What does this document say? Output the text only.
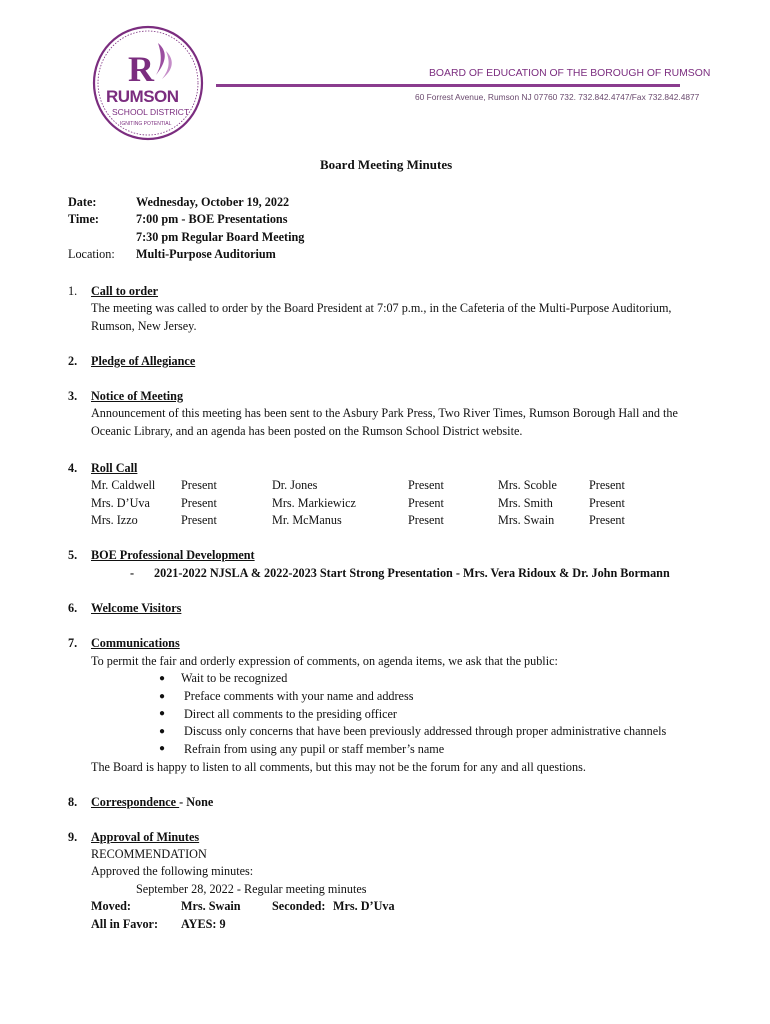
R
RUMSON
SCHOOL DISTRICT
IGNITING POTENTIAL
BOARD OF EDUCATION OF THE BOROUGH OF RUMSON
60 Forrest Avenue, Rumson NJ 07760 732. 732.842.4747/Fax 732.842.4877
Board Meeting Minutes
Date:	Wednesday, October 19, 2022
Time:	7:00 pm - BOE Presentations
7:30 pm Regular Board Meeting
Location: Multi-Purpose Auditorium
1. Call to order
The meeting was called to order by the Board President at 7:07 p.m., in the Cafeteria of the Multi-Purpose Auditorium,
Rumson, New Jersey.
2. Pledge of Allegiance
3. Notice of Meeting
Announcement of this meeting has been sent to the Asbury Park Press, Two River Times, Rumson Borough Hall and the
Oceanic Library, and an agenda has been posted on the Rumson School District website.
4. Roll Call
Mr. Caldwell Present	Dr. Jones	Present	Mrs. Scoble	Present
Mrs. D’Uva	Present	Mrs. Markiewicz	Present	Mrs. Smith	Present
Mrs. Izzo	Present	Mr. McManus	Present	Mrs. Swain	Present
5. BOE Professional Development
- 2021-2022 NJSLA & 2022-2023 Start Strong Presentation - Mrs. Vera Ridoux & Dr. John Bormann
6. Welcome Visitors
7. Communications
To permit the fair and orderly expression of comments, on agenda items, we ask that the public:
● Wait to be recognized
● Preface comments with your name and address
● Direct all comments to the presiding officer
● Discuss only concerns that have been previously addressed through proper administrative channels
● Refrain from using any pupil or staff member’s name
The Board is happy to listen to all comments, but this may not be the forum for any and all questions.
8. Correspondence - None
9. Approval of Minutes
RECOMMENDATION
Approved the following minutes:
September 28, 2022 - Regular meeting minutes
Moved:	Mrs. Swain	Seconded: Mrs. D’Uva
All in Favor: AYES: 9
